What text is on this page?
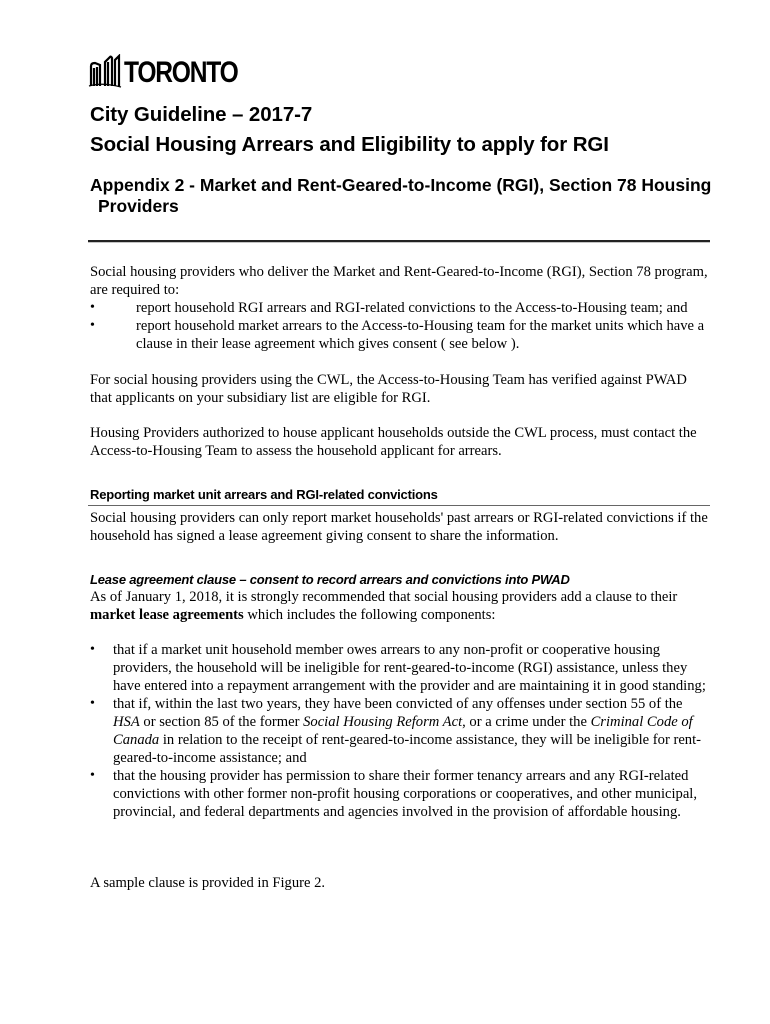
TORONTO
City Guideline – 2017-7
Social Housing Arrears and Eligibility to apply for RGI
Appendix 2 - Market and Rent-Geared-to-Income (RGI), Section 78 Housing
Providers

Social housing providers who deliver the Market and Rent-Geared-to-Income (RGI), Section 78 program, are required to:

•	report household RGI arrears and RGI-related convictions to the Access-to-Housing team; and
•	report household market arrears to the Access-to-Housing team for the market units which have a clause in their lease agreement which gives consent ( see below ).
For social housing providers using the CWL, the Access-to-Housing Team has verified against PWAD that applicants on your subsidiary list are eligible for RGI.
Housing Providers authorized to house applicant households outside the CWL process, must contact the Access-to-Housing Team to assess the household applicant for arrears.
Reporting market unit arrears and RGI-related convictions
Social housing providers can only report market households' past arrears or RGI-related convictions if the household has signed a lease agreement giving consent to share the information.
Lease agreement clause – consent to record arrears and convictions into PWAD

As of January 1, 2018, it is strongly recommended that social housing providers add a clause to their market lease agreements which includes the following components:

• that if a market unit household member owes arrears to any non-profit or cooperative housing providers, the household will be ineligible for rent-geared-to-income (RGI) assistance, unless they have entered into a repayment arrangement with the provider and are maintaining it in good standing;
• that if, within the last two years, they have been convicted of any offenses under section 55 of the HSA or section 85 of the former Social Housing Reform Act, or a crime under the Criminal Code of Canada in relation to the receipt of rent-geared-to-income assistance, they will be ineligible for rent-geared-to-income assistance; and
• that the housing provider has permission to share their former tenancy arrears and any RGI-related convictions with other former non-profit housing corporations or cooperatives, and other municipal, provincial, and federal departments and agencies involved in the provision of affordable housing.
A sample clause is provided in Figure 2.
